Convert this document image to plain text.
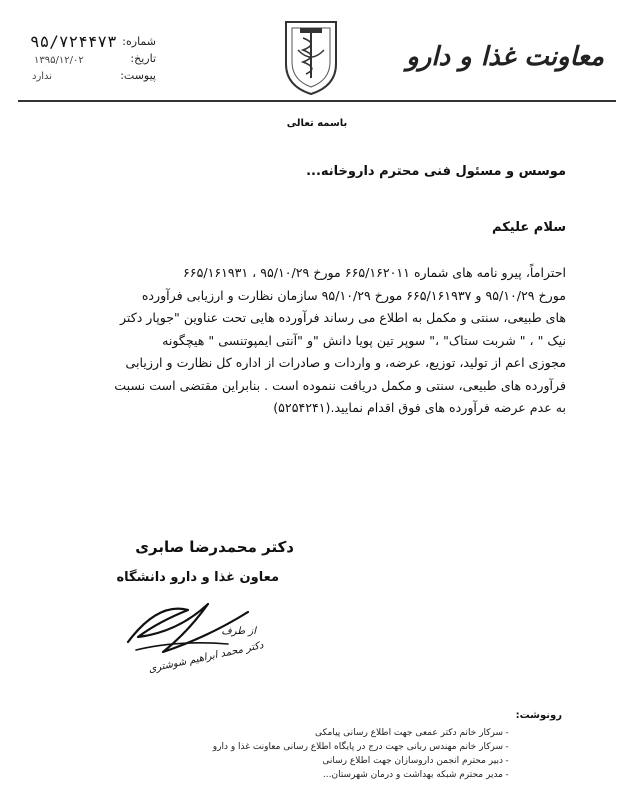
۹۵/۷۲۴۴۷۳
۱۳۹۵/۱۲/۰۲
ندارد
شماره:
تاریخ:
پیوست:
معاونت غذا و دارو
باسمه تعالی
موسس و مسئول فنی محترم داروخانه...
سلام علیکم
احتراماً، پیرو نامه های شماره ۶۶۵/۱۶۲۰۱۱ مورخ ۹۵/۱۰/۲۹ ، ۶۶۵/۱۶۱۹۳۱
مورخ ۹۵/۱۰/۲۹ و ۶۶۵/۱۶۱۹۳۷ مورخ ۹۵/۱۰/۲۹ سازمان نظارت و ارزیابی فرآورده
های طبیعی، سنتی و مکمل به اطلاع می رساند فرآورده هایی تحت عناوین "جوپار دکتر
نیک " ، " شربت ستاک" ،" سوپر تین پویا دانش "و "آنتی ایمپوتنسی " هیچگونه
مجوزی اعم از تولید، توزیع، عرضه، و واردات و صادرات از اداره کل نظارت و ارزیابی
فرآورده های طبیعی، سنتی و مکمل دریافت ننموده است . بنابراین مقتضی است نسبت
به عدم عرضه فرآورده های فوق اقدام نمایید.(۵۲۵۴۲۴۱)
دکتر محمدرضا صابری
معاون غذا و دارو دانشگاه
از طرف
دکتر محمد ابراهیم شوشتری
رونوشت:
سرکار خانم دکتر عمعی جهت اطلاع رسانی پیامکی
سرکار خانم مهندس ربانی جهت درج در پایگاه اطلاع رسانی معاونت غذا و دارو
دبیر محترم انجمن داروسازان جهت اطلاع رسانی
مدیر محترم شبکه بهداشت و درمان شهرستان...
-
-
-
-
